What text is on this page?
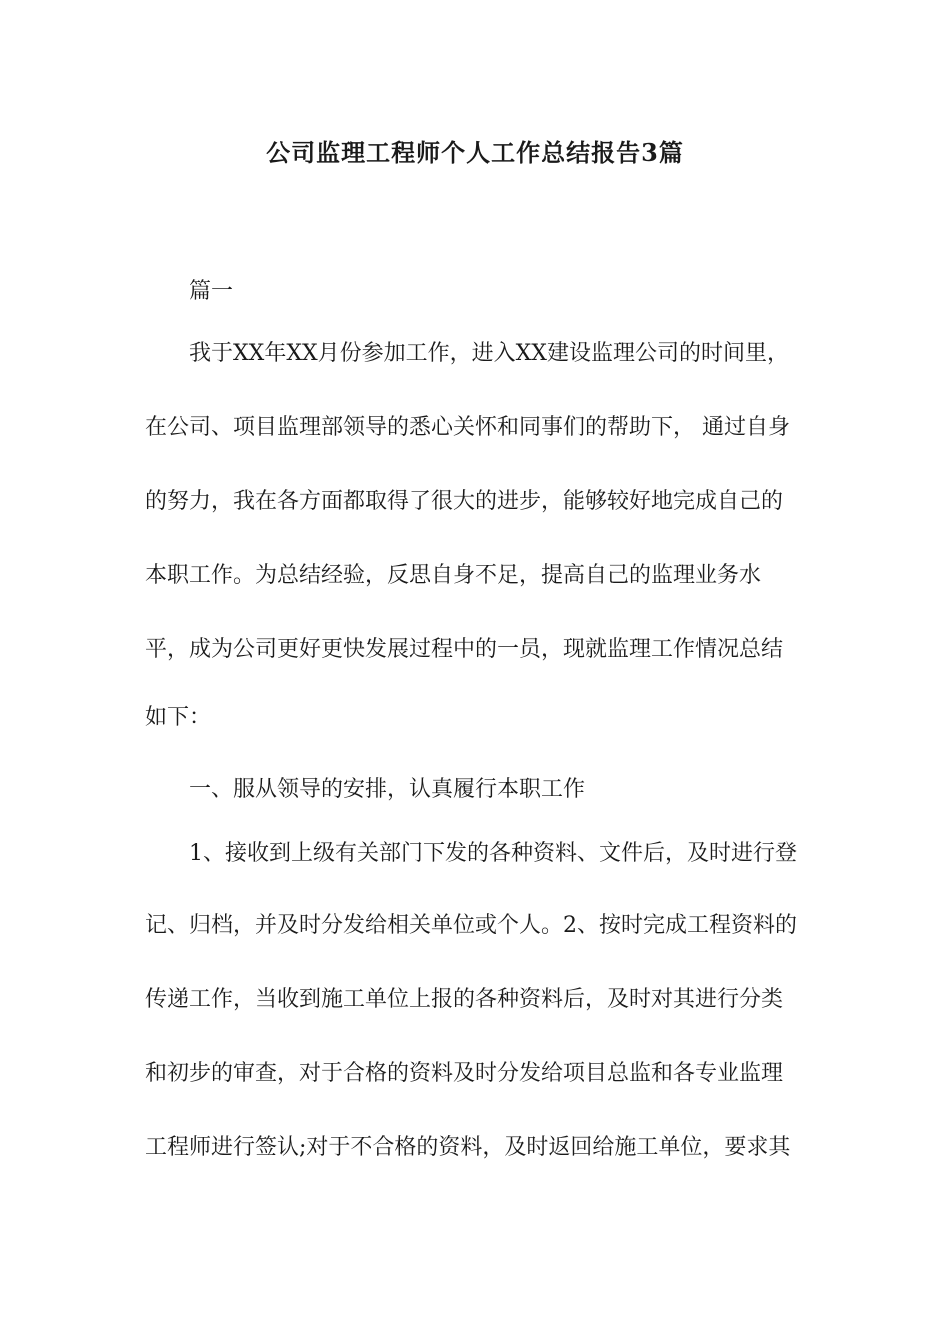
公司监理工程师个人工作总结报告3篇

篇一

我于XX年XX月份参加工作，进入XX建设监理公司的时间里，

在公司、项目监理部领导的悉心关怀和同事们的帮助下， 通过自身

的努力，我在各方面都取得了很大的进步，能够较好地完成自己的

本职工作。为总结经验，反思自身不足，提高自己的监理业务水

平，成为公司更好更快发展过程中的一员，现就监理工作情况总结

如下：

一、服从领导的安排，认真履行本职工作

1、接收到上级有关部门下发的各种资料、文件后，及时进行登

记、归档，并及时分发给相关单位或个人。2、按时完成工程资料的

传递工作，当收到施工单位上报的各种资料后，及时对其进行分类

和初步的审查，对于合格的资料及时分发给项目总监和各专业监理

工程师进行签认;对于不合格的资料，及时返回给施工单位，要求其
